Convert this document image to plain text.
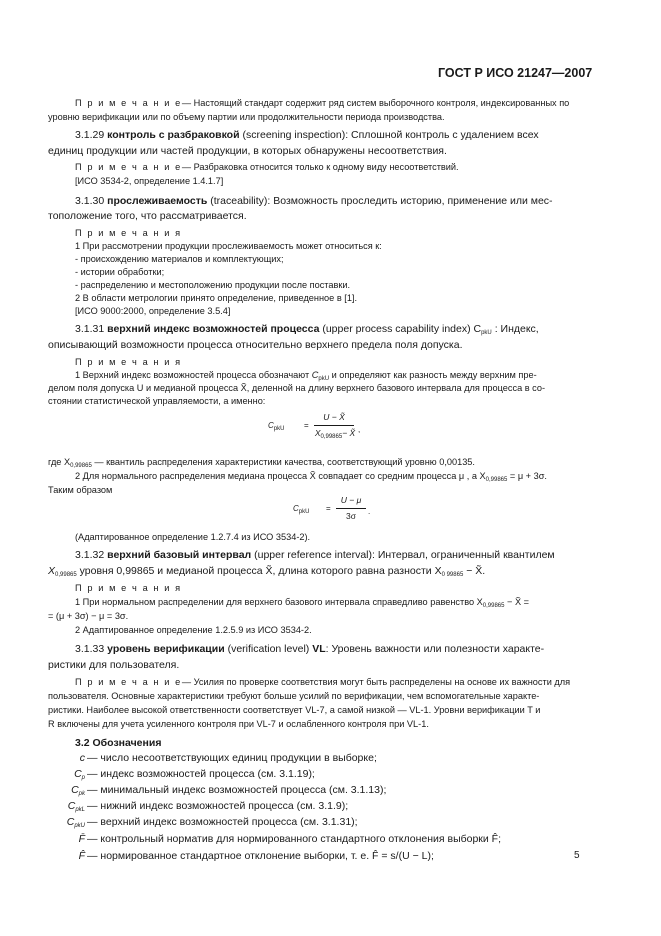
ГОСТ Р ИСО 21247—2007
П р и м е ч а н и е— Настоящий стандарт содержит ряд систем выборочного контроля, индексированных по
уровню верификации или по объему партии или продолжительности периода производства.
3.1.29 контроль с разбраковкой (screening inspection): Сплошной контроль с удалением всех
единиц продукции или частей продукции, в которых обнаружены несоответствия.
П р и м е ч а н и е— Разбраковка относится только к одному виду несоответствий.
[ИСО 3534-2, определение 1.4.1.7]
3.1.30 прослеживаемость (traceability): Возможность проследить историю, применение или мес-
тоположение того, что рассматривается.
П р и м е ч а н и я
1 При рассмотрении продукции прослеживаемость может относиться к:
- происхождению материалов и комплектующих;
- истории обработки;
- распределению и местоположению продукции после поставки.
2 В области метрологии принято определение, приведенное в [1].
[ИСО 9000:2000, определение 3.5.4]
3.1.31 верхний индекс возможностей процесса (upper process capability index) $C_{pkU}$ : Индекс,
описывающий возможности процесса относительно верхнего предела поля допуска.
П р и м е ч а н и я
1 Верхний индекс возможностей процесса обозначают $C_{pkU}$ и определяют как разность между верхним пре-
делом поля допуска U и медианой процесса X̃, деленной на длину верхнего базового интервала для процесса в со-
стоянии статистической управляемости, а именно:
$C_{pkU}$ =
U − X̃
$X_{0,99865}-$ X̃ ,
где $X_{0,99865}$ — квантиль распределения характеристики качества, соответствующий уровню 0,00135.
2 Для нормального распределения медиана процесса X̃ совпадает со средним процесса μ , а $X_{0,99865} = \mu + 3\sigma$.
Таким образом
$C_{pkU}$ =
U − μ
3σ	.
(Адаптированное определение 1.2.7.4 из ИСО 3534-2).
3.1.32 верхний базовый интервал (upper reference interval): Интервал, ограниченный квантилем
$X_{0,99865}$ уровня 0,99865 и медианой процесса X̃, длина которого равна разности $X_{0 99865}$ − X̃.
П р и м е ч а н и я
1 При нормальном распределении для верхнего базового интервала справедливо равенство $X_{0,99865}$ − X̃ =
= (μ + 3σ) − μ = 3σ.
2 Адаптированное определение 1.2.5.9 из ИСО 3534-2.
3.1.33 уровень верификации (verification level) VL: Уровень важности или полезности характе-
ристики для пользователя.
П р и м е ч а н и е— Усилия по проверке соответствия могут быть распределены на основе их важности для
пользователя. Основные характеристики требуют больше усилий по верификации, чем вспомогательные характе-
ристики. Наиболее высокой ответственности соответствует VL-7, а самой низкой — VL-1. Уровни верификации T и
R включены для учета усиленного контроля при VL-7 и ослабленного контроля при VL-1.
3.2 Обозначения
c — число несоответствующих единиц продукции в выборке;
$C_p$ — индекс возможностей процесса (см. 3.1.19);
$C_{pk}$ — минимальный индекс возможностей процесса (см. 3.1.13);
$C_{pkL}$ — нижний индекс возможностей процесса (см. 3.1.9);
$C_{pkU}$ — верхний индекс возможностей процесса (см. 3.1.31);
F̄ — контрольный норматив для нормированного стандартного отклонения выборки F̂;
F̂ — нормированное стандартное отклонение выборки, т. е. F̂ = s/(U − L);	5
